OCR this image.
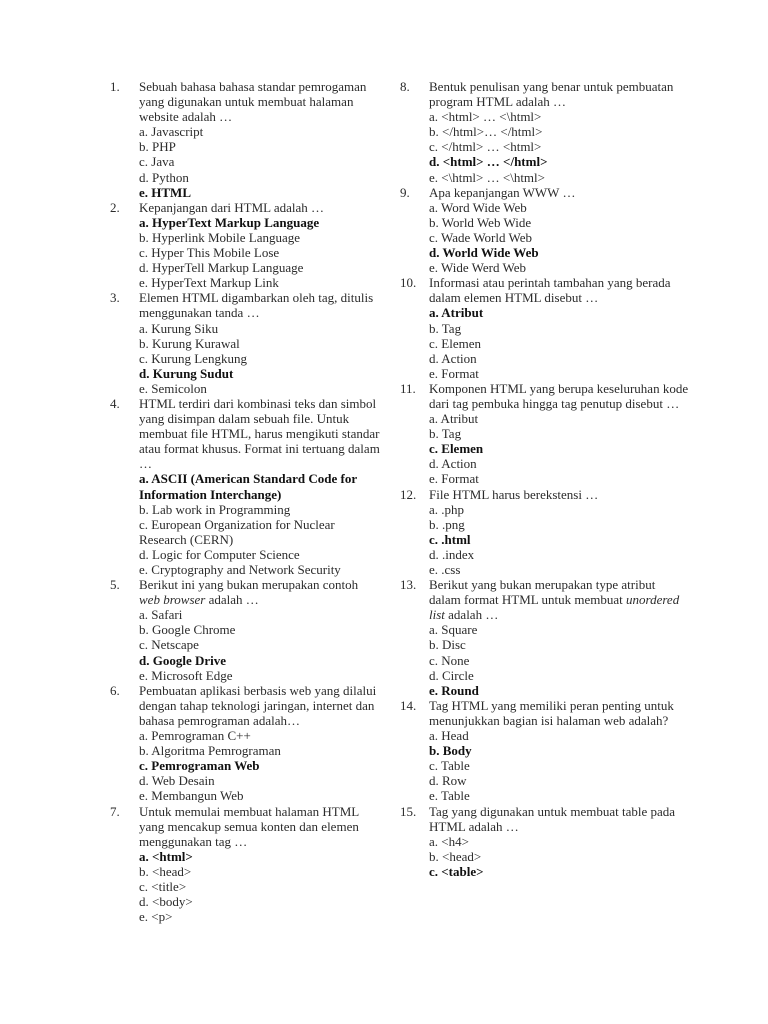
1.	Sebuah bahasa bahasa standar pemrogaman yang digunakan untuk membuat halaman website adalah …
a. Javascript
b. PHP
c. Java
d. Python
e. HTML
2.	Kepanjangan dari HTML adalah …
a. HyperText Markup Language
b. Hyperlink Mobile Language
c. Hyper This Mobile Lose
d. HyperTell Markup Language
e. HyperText Markup Link
3.	Elemen HTML digambarkan oleh tag, ditulis menggunakan tanda …
a. Kurung Siku
b. Kurung Kurawal
c. Kurung Lengkung
d. Kurung Sudut
e. Semicolon
4.	HTML terdiri dari kombinasi teks dan simbol yang disimpan dalam sebuah file. Untuk membuat file HTML, harus mengikuti standar atau format khusus. Format ini tertuang dalam …
a. ASCII (American Standard Code for Information Interchange)
b. Lab work in Programming
c. European Organization for Nuclear Research (CERN)
d. Logic for Computer Science
e. Cryptography and Network Security
5.	Berikut ini yang bukan merupakan contoh web browser adalah …
a. Safari
b. Google Chrome
c. Netscape
d. Google Drive
e. Microsoft Edge
6.	Pembuatan aplikasi berbasis web yang dilalui dengan tahap teknologi jaringan, internet dan bahasa pemrograman adalah…
a. Pemrograman C++
b. Algoritma Pemrograman
c. Pemrograman Web
d. Web Desain
e. Membangun Web
7.	Untuk memulai membuat halaman HTML yang mencakup semua konten dan elemen menggunakan tag …
a. <html>
b. <head>
c. <title>
d. <body>
e. <p>
8.	Bentuk penulisan yang benar untuk pembuatan program HTML adalah …
a. <html> … <\html>
b. </html>… </html>
c. </html> … <html>
d. <html> … </html>
e. <\html> … <\html>
9.	Apa kepanjangan WWW …
a. Word Wide Web
b. World Web Wide
c. Wade World Web
d. World Wide Web
e. Wide Werd Web
10. Informasi atau perintah tambahan yang berada dalam elemen HTML disebut …
a. Atribut
b. Tag
c. Elemen
d. Action
e. Format
11.	Komponen HTML yang berupa keseluruhan kode dari tag pembuka hingga tag penutup disebut …
a. Atribut
b. Tag
c. Elemen
d. Action
e. Format
12. File HTML harus berekstensi …
a. .php
b. .png
c. .html
d. .index
e. .css
13. Berikut yang bukan merupakan type atribut dalam format HTML untuk membuat unordered list adalah …
a. Square
b. Disc
c. None
d. Circle
e. Round
14. Tag HTML yang memiliki peran penting untuk menunjukkan bagian isi halaman web adalah?
a. Head
b. Body
c. Table
d. Row
e. Table
15. Tag yang digunakan untuk membuat table pada HTML adalah …
a. <h4>
b. <head>
c. <table>
